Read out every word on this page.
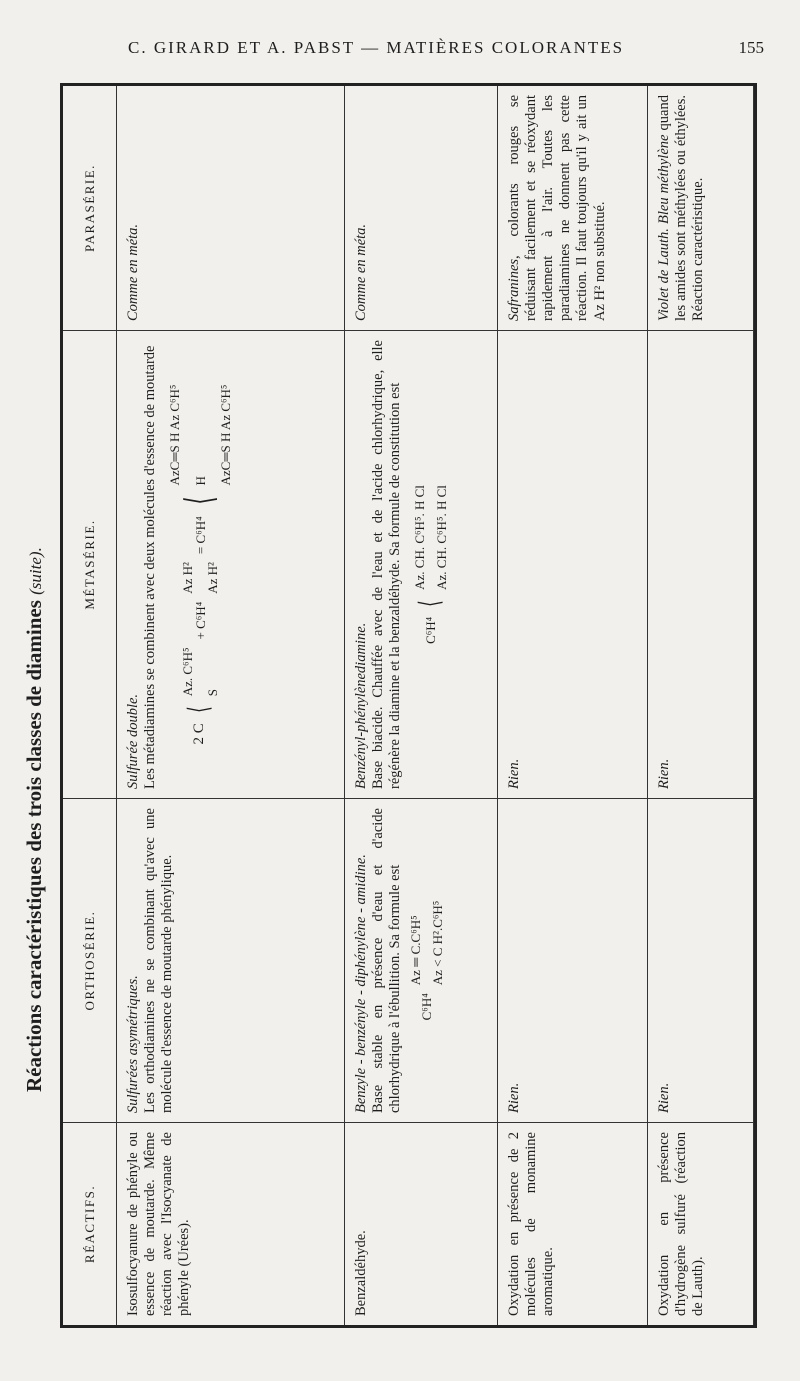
C. GIRARD ET A. PABST — MATIÈRES COLORANTES	155
Réactions caractéristiques des trois classes de diamines (suite).
RÉACTIFS.
ORTHOSÉRIE.
MÉTASÉRIE.
PARASÉRIE.
Isosulfocyanure de phényle ou essence de moutarde. Même réaction avec l'Isocyanate de phényle (Urées).
Sulfurées asymétriques. Les orthodiamines ne se combinant qu'avec une molécule d'essence de moutarde phénylique.
Sulfurée double. Les métadiamines se combinent avec deux molécules d'essence de moutarde 2 C
⟨
Az. C⁶H⁵ S
+ C⁶H⁴
Az H² Az H²
= C⁶H⁴
⟨
AzC═S H Az C⁶H⁵ H AzC═S H Az C⁶H⁵
Comme en méta.
Benzaldéhyde.
Benzyle - benzényle - diphénylène - amidine. Base stable en présence d'eau et d'acide chlorhydrique à l'ébullition. Sa formule est C⁶H⁴
Az ═ C.C⁶H⁵ Az < C H².C⁶H⁵
Benzényl-phénylènediamine. Base biacide. Chauffée avec de l'eau et de l'acide chlorhydrique, elle régénère la diamine et la benzaldéhyde. Sa formule de constitution est C⁶H⁴
⟨
Az. CH. C⁶H⁵. H Cl Az. CH. C⁶H⁵. H Cl
Comme en méta.
Oxydation en présence de 2 molécules de monamine aromatique.
Rien.
Rien.
Safranines, colorants rouges se réduisant facilement et se réoxydant rapidement à l'air. Toutes les paradiamines ne donnent pas cette réaction. Il faut toujours qu'il y ait un Az H² non substitué.
Oxydation en présence d'hydrogène sulfuré (réaction de Lauth).
Rien.
Rien.
Violet de Lauth. Bleu méthylène quand les amides sont méthylées ou éthylées. Réaction caractéristique.
